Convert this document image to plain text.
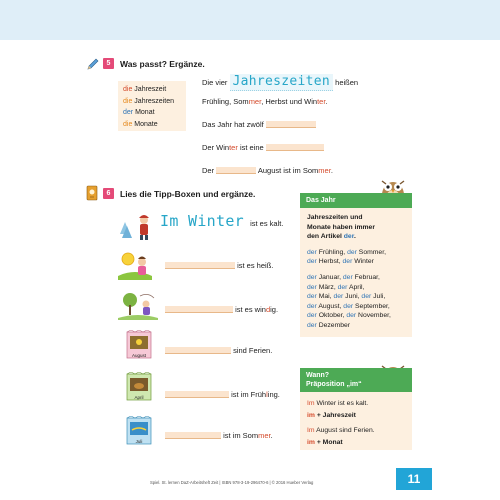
5	Was passt? Ergänze.
die Jahreszeit
die Jahreszeiten
der Monat
die Monate
Die vier Jahreszeiten heißen
Frühling, Sommer, Herbst und Winter.
Das Jahr hat zwölf
Der Winter ist eine
Der	August ist im Sommer.
6	Lies die Tipp-Boxen und ergänze.
Im Winter ist es kalt.
ist es heiß.
ist es windig.
August
sind Ferien.
April	ist im Frühling.
Juli
ist im Sommer.
Das Jahr
Jahreszeiten und
Monate haben immer
den Artikel der.
der Frühling, der Sommer,
der Herbst, der Winter
der Januar, der Februar,
der März, der April,
der Mai, der Juni, der Juli,
der August, der September,
der Oktober, der November,
der Dezember
Wann?
Präposition „im“
Im Winter ist es kalt.
im + Jahreszeit
Im August sind Ferien.
im + Monat
Spiel. St. lernen DaZ-Arbeitsheft Zeit | ISBN 978-3-19-296470-6 | © 2016 Hueber Verlag	11
